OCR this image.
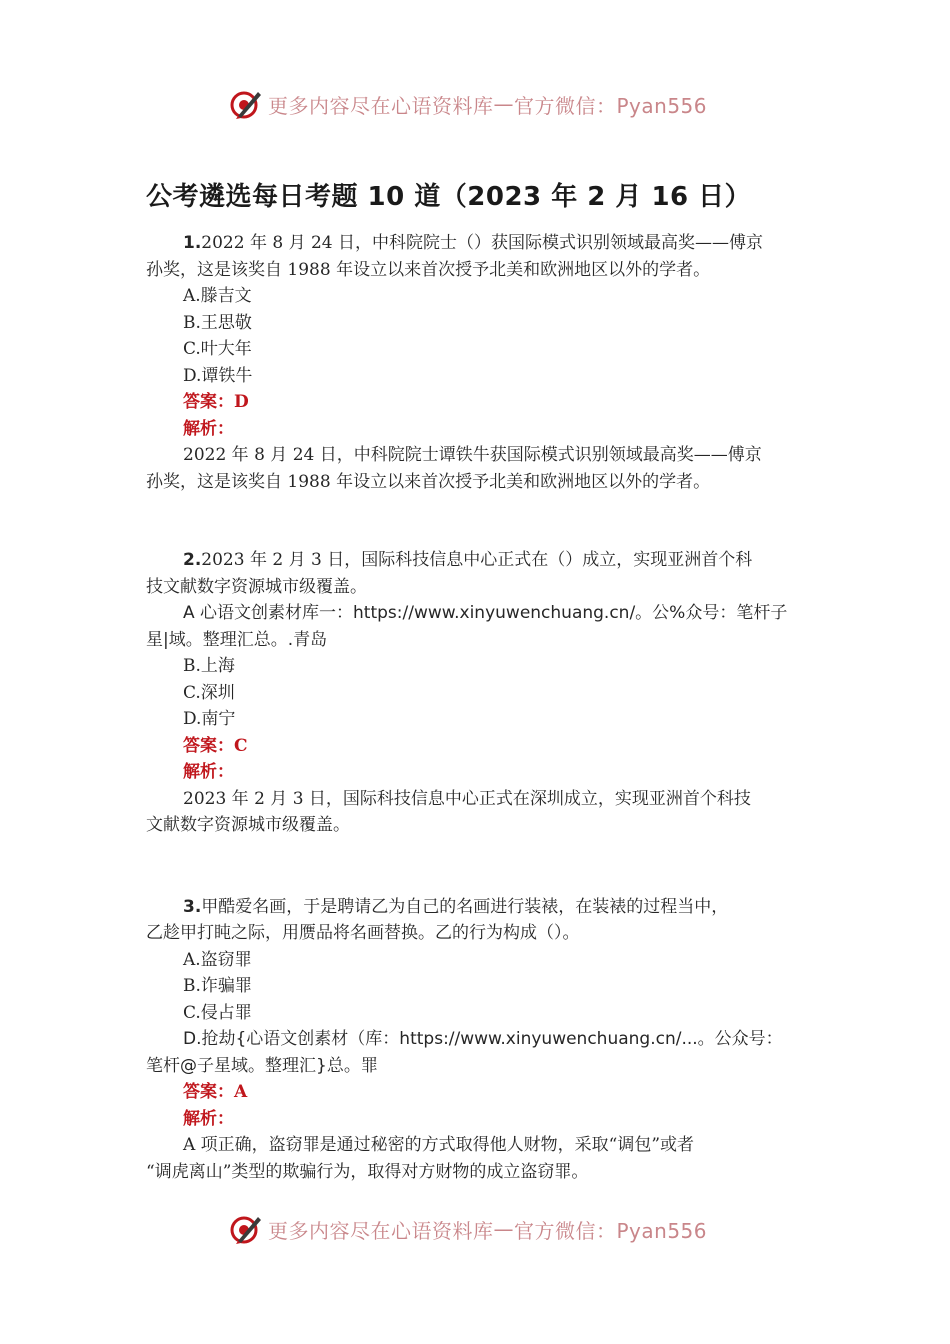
更多内容尽在心语资料库 — 官方微信：Pyan556
公考遴选每日考题 10 道（2023 年 2 月 16 日）
1.2022 年 8 月 24 日，中科院院士（）获国际模式识别领域最高奖——傅京
孙奖，这是该奖自 1988 年设立以来首次授予北美和欧洲地区以外的学者。
A.滕吉文
B.王思敬
C.叶大年
D.谭铁牛
答案：D
解析：
2022 年 8 月 24 日，中科院院士谭铁牛获国际模式识别领域最高奖——傅京
孙奖，这是该奖自 1988 年设立以来首次授予北美和欧洲地区以外的学者。
2.2023 年 2 月 3 日，国际科技信息中心正式在（）成立，实现亚洲首个科
技文献数字资源城市级覆盖。
A 心语文创素材库一：https://www.xinyuwenchuang.cn/。公%众号：笔杆子
星|域。整理汇总。.青岛
B.上海
C.深圳
D.南宁
答案：C
解析：
2023 年 2 月 3 日，国际科技信息中心正式在深圳成立，实现亚洲首个科技
文献数字资源城市级覆盖。
3.甲酷爱名画，于是聘请乙为自己的名画进行装裱，在装裱的过程当中，
乙趁甲打盹之际，用赝品将名画替换。乙的行为构成（）。
A.盗窃罪
B.诈骗罪
C.侵占罪
D.抢劫{心语文创素材（库：https://www.xinyuwenchuang.cn/...。公众号：
笔杆@子星域。整理汇}总。罪
答案：A
解析：
A 项正确，盗窃罪是通过秘密的方式取得他人财物，采取“调包”或者
“调虎离山”类型的欺骗行为，取得对方财物的成立盗窃罪。
更多内容尽在心语资料库 — 官方微信：Pyan556
